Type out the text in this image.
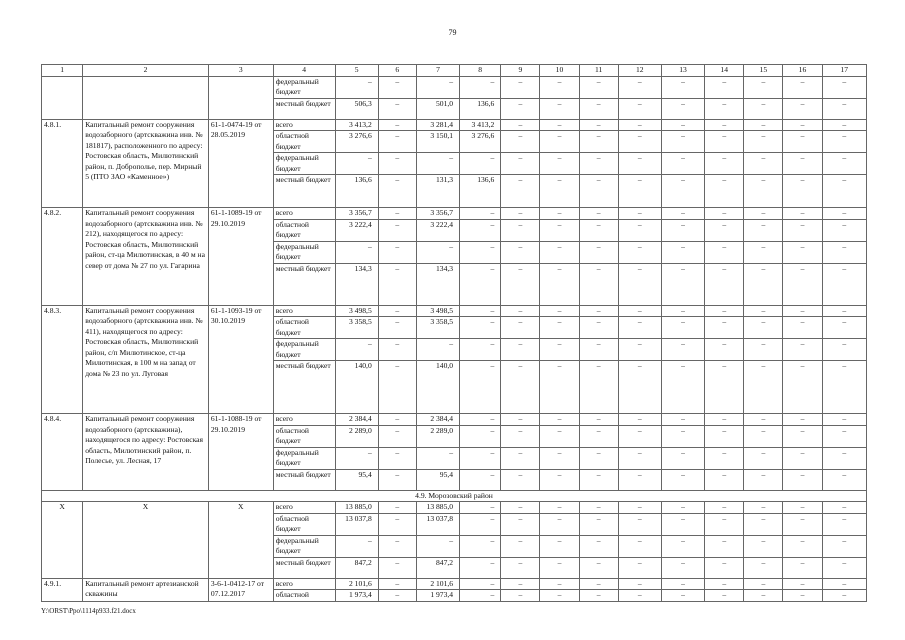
79
1	2	3	4	5	6	7	8	9	10	11	12	13	14	15	16	17
			федеральный бюджет	–	–	–	–	–	–	–	–	–	–	–	–	–
			местный бюджет	506,3	–	501,0	136,6	–	–	–	–	–	–	–	–	–
4.8.1.	Капитальный ремонт сооружения водозаборного (артскважина инв. № 181817), расположенного по адресу: Ростовская область, Милютинский район, п. Доброполье, пер. Мирный 5 (ПТО ЗАО «Каменное»)	61-1-0474-19 от 28.05.2019	всего	3 413,2	–	3 281,4	3 413,2	–	–	–	–	–	–	–	–	–
			областной бюджет	3 276,6	–	3 150,1	3 276,6	–	–	–	–	–	–	–	–	–
			федеральный бюджет	–	–	–	–	–	–	–	–	–	–	–	–	–
			местный бюджет	136,6	–	131,3	136,6	–	–	–	–	–	–	–	–	–
4.8.2.	Капитальный ремонт сооружения водозаборного (артскважина инв. № 212), находящегося по адресу: Ростовская область, Милютинский район, ст-ца Милютинская, в 40 м на север от дома № 27 по ул. Гагарина	61-1-1089-19 от 29.10.2019	всего	3 356,7	–	3 356,7	–	–	–	–	–	–	–	–	–	–
			областной бюджет	3 222,4	–	3 222,4	–	–	–	–	–	–	–	–	–	–
			федеральный бюджет	–	–	–	–	–	–	–	–	–	–	–	–	–
			местный бюджет	134,3	–	134,3	–	–	–	–	–	–	–	–	–	–
4.8.3.	Капитальный ремонт сооружения водозаборного (артскважина инв. № 411), находящегося по адресу: Ростовская область, Милютинский район, с/п Милютинское, ст-ца Милютинская, в 100 м на запад от дома № 23 по ул. Луговая	61-1-1093-19 от 30.10.2019	всего	3 498,5	–	3 498,5	–	–	–	–	–	–	–	–	–	–
			областной бюджет	3 358,5	–	3 358,5	–	–	–	–	–	–	–	–	–	–
			федеральный бюджет	–	–	–	–	–	–	–	–	–	–	–	–	–
			местный бюджет	140,0	–	140,0	–	–	–	–	–	–	–	–	–	–
4.8.4.	Капитальный ремонт сооружения водозаборного (артскважина), находящегося по адресу: Ростовская область, Милютинский район, п. Полесье, ул. Лесная, 17	61-1-1088-19 от 29.10.2019	всего	2 384,4	–	2 384,4	–	–	–	–	–	–	–	–	–	–
			областной бюджет	2 289,0	–	2 289,0	–	–	–	–	–	–	–	–	–	–
			федеральный бюджет	–	–	–	–	–	–	–	–	–	–	–	–	–
			местный бюджет	95,4	–	95,4	–	–	–	–	–	–	–	–	–	–
4.9. Морозовский район																
Х	Х	Х	всего	13 885,0	–	13 885,0	–	–	–	–	–	–	–	–	–	–
			областной бюджет	13 037,8	–	13 037,8	–	–	–	–	–	–	–	–	–	–
			федеральный бюджет	–	–	–	–	–	–	–	–	–	–	–	–	–
			местный бюджет	847,2	–	847,2	–	–	–	–	–	–	–	–	–	–
4.9.1.	Капитальный ремонт артезианской скважины	3-6-1-0412-17 от 07.12.2017	всего	2 101,6	–	2 101,6	–	–	–	–	–	–	–	–	–	–
			областной	1 973,4	–	1 973,4	–	–	–	–	–	–	–	–	–	–
Y:\ORST\Ppo\1114p933.f21.docx
